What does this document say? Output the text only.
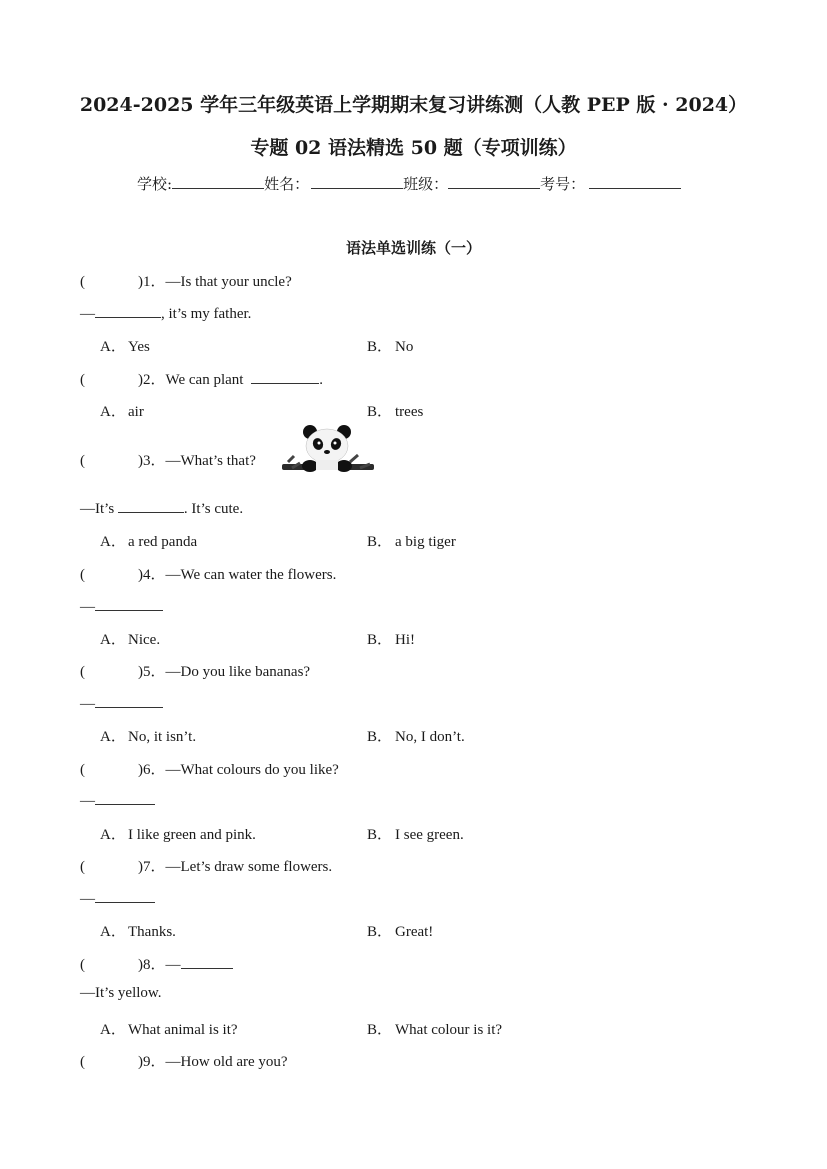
2024-2025 学年三年级英语上学期期末复习讲练测（人教 PEP 版 · 2024）
专题 02 语法精选 50 题（专项训练）
学校:	姓名：	班级：	考号：
语法单选训练（一）
(	)1．—Is that your uncle?
—	, it’s my father.
A． Yes	B． No
(	)2．We can plant	.
A． air	B． trees
(	)3．—What’s that?
—It’s	. It’s cute.
A． a red panda	B． a big tiger
(	)4．—We can water the flowers.
—
A． Nice.	B． Hi!
(	)5．—Do you like bananas?
—
A． No, it isn’t.	B． No, I don’t.
(	)6．—What colours do you like?
—
A． I like green and pink.	B． I see green.
(	)7．—Let’s draw some flowers.
—
A． Thanks.	B． Great!
(	)8．—
—It’s yellow.
A． What animal is it?	B． What colour is it?
(	)9．—How old are you?
